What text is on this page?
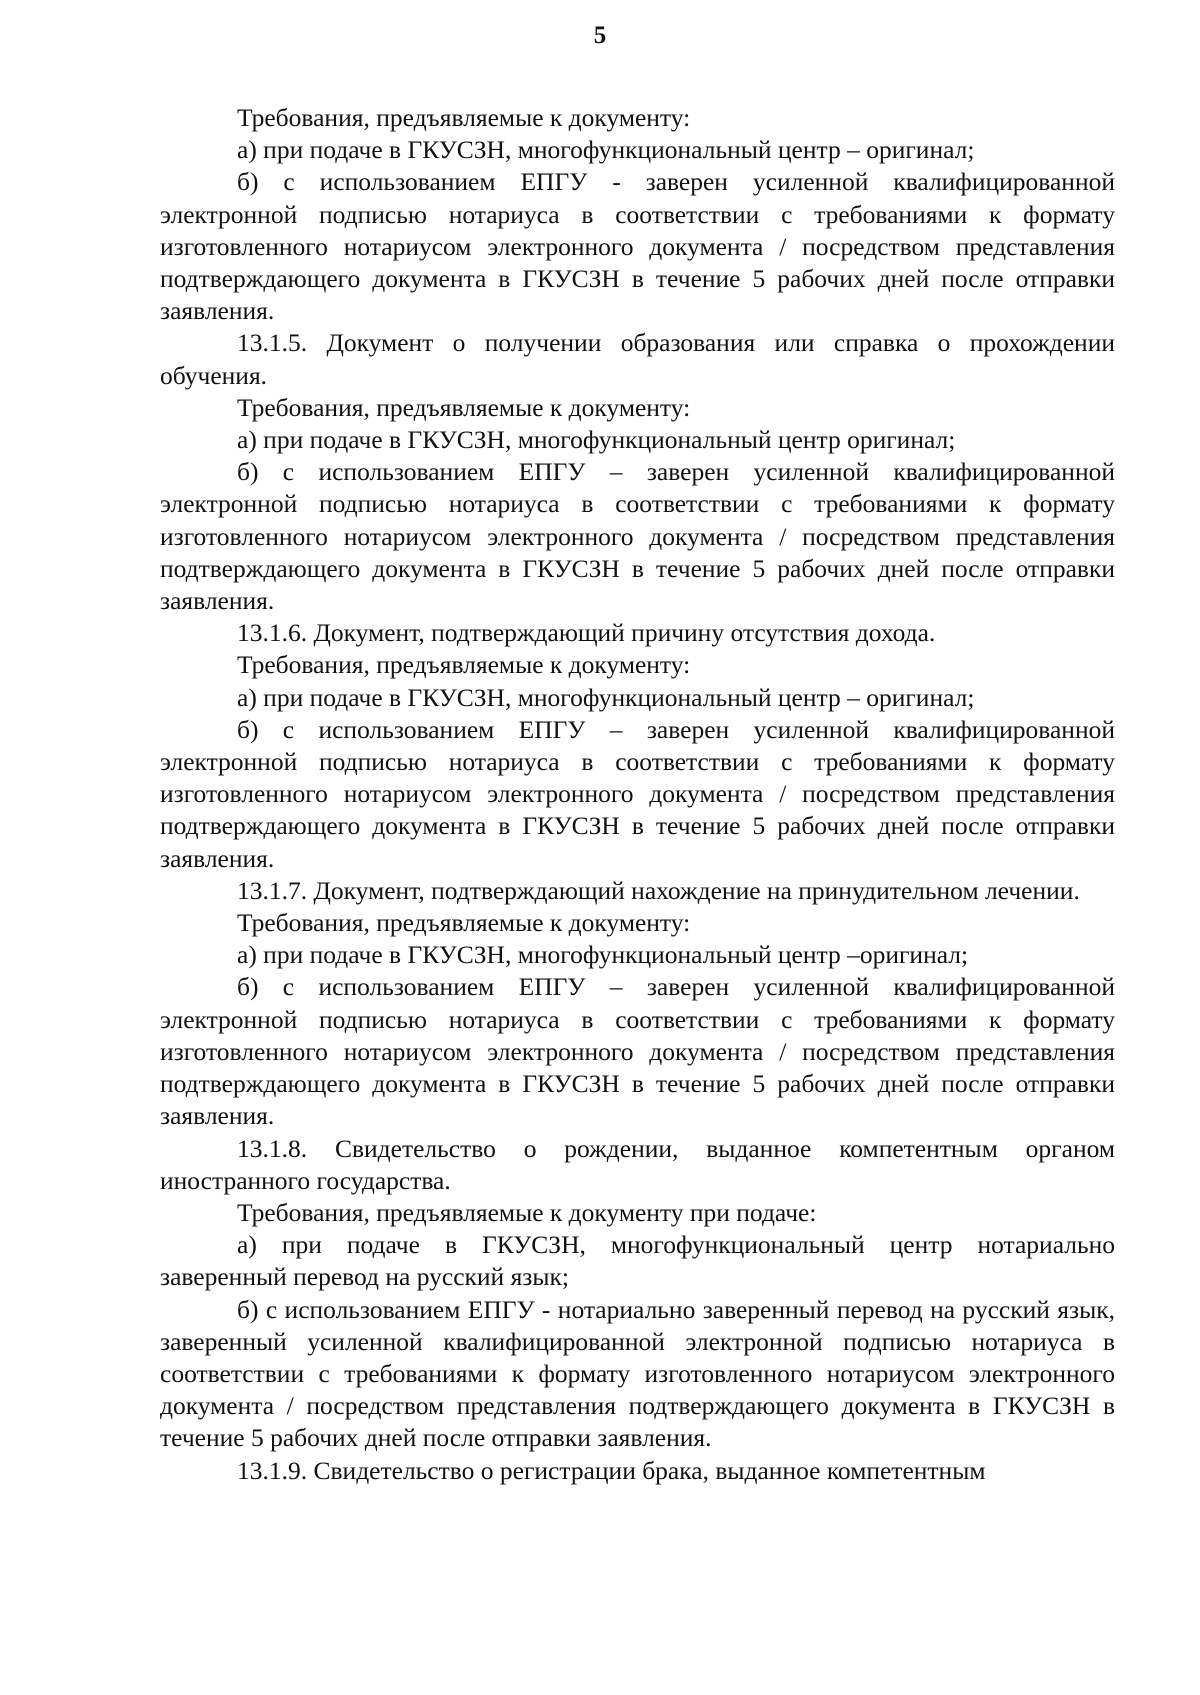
5

Требования, предъявляемые к документу:

а) при подаче в ГКУСЗН, многофункциональный центр – оригинал;

б) с использованием ЕПГУ - заверен усиленной квалифицированной электронной подписью нотариуса в соответствии с требованиями к формату изготовленного нотариусом электронного документа / посредством представления подтверждающего документа в ГКУСЗН в течение 5 рабочих дней после отправки заявления.

13.1.5. Документ о получении образования или справка о прохождении обучения.

Требования, предъявляемые к документу:

а) при подаче в ГКУСЗН, многофункциональный центр оригинал;

б) с использованием ЕПГУ – заверен усиленной квалифицированной электронной подписью нотариуса в соответствии с требованиями к формату изготовленного нотариусом электронного документа / посредством представления подтверждающего документа в ГКУСЗН в течение 5 рабочих дней после отправки заявления.

13.1.6. Документ, подтверждающий причину отсутствия дохода.

Требования, предъявляемые к документу:

а) при подаче в ГКУСЗН, многофункциональный центр – оригинал;

б) с использованием ЕПГУ – заверен усиленной квалифицированной электронной подписью нотариуса в соответствии с требованиями к формату изготовленного нотариусом электронного документа / посредством представления подтверждающего документа в ГКУСЗН в течение 5 рабочих дней после отправки заявления.

13.1.7. Документ, подтверждающий нахождение на принудительном лечении.

Требования, предъявляемые к документу:

а) при подаче в ГКУСЗН, многофункциональный центр –оригинал;

б) с использованием ЕПГУ – заверен усиленной квалифицированной электронной подписью нотариуса в соответствии с требованиями к формату изготовленного нотариусом электронного документа / посредством представления подтверждающего документа в ГКУСЗН в течение 5 рабочих дней после отправки заявления.

13.1.8. Свидетельство о рождении, выданное компетентным органом иностранного государства.

Требования, предъявляемые к документу при подаче:

а) при подаче в ГКУСЗН, многофункциональный центр нотариально заверенный перевод на русский язык;

б) с использованием ЕПГУ - нотариально заверенный перевод на русский язык, заверенный усиленной квалифицированной электронной подписью нотариуса в соответствии с требованиями к формату изготовленного нотариусом электронного документа / посредством представления подтверждающего документа в ГКУСЗН в течение 5 рабочих дней после отправки заявления.

13.1.9. Свидетельство о регистрации брака, выданное компетентным
